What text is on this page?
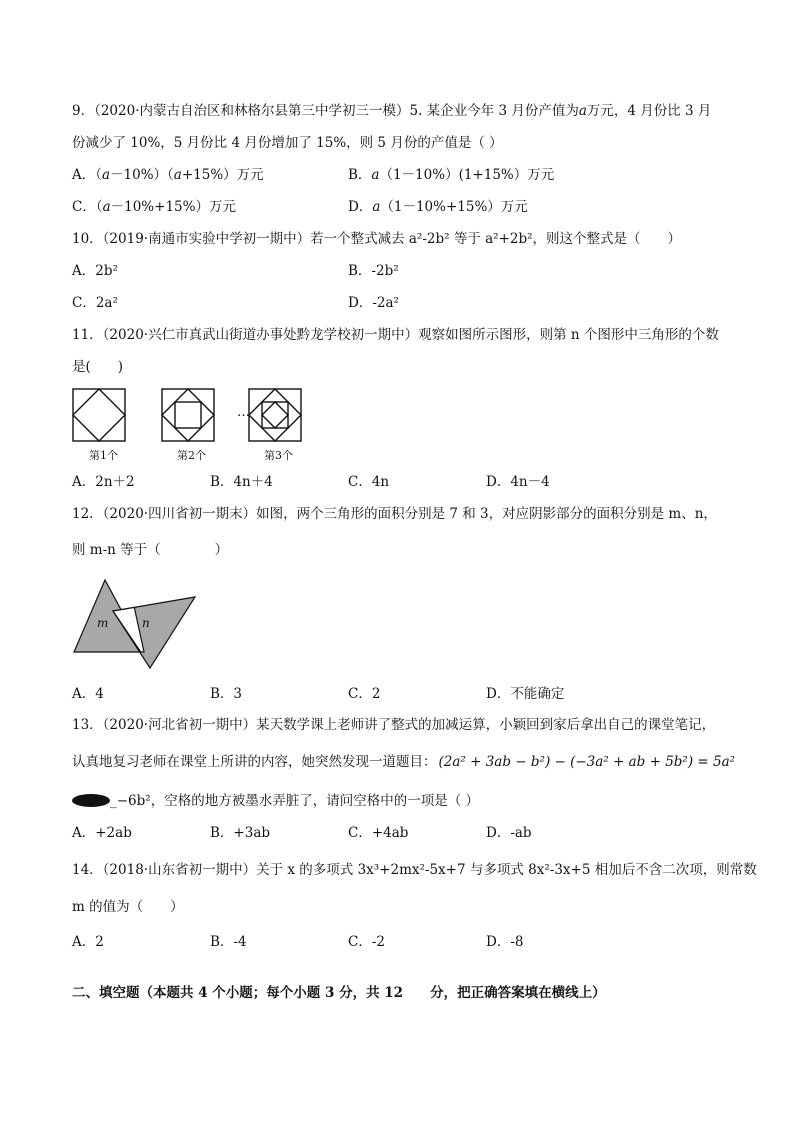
9．（2020·内蒙古自治区和林格尔县第三中学初三一模）5. 某企业今年 3 月份产值为𝑎万元，4 月份比 3 月
份减少了 10%，5 月份比 4 月份增加了 15%，则 5 月份的产值是（ ）
A．（𝑎－10%）（𝑎+15%）万元	B．𝑎（1－10%）(1+15%）万元
C．（𝑎－10%+15%）万元	D．𝑎（1－10%+15%）万元
10．（2019·南通市实验中学初一期中）若一个整式减去 a²-2b² 等于 a²+2b²，则这个整式是（　　）
A．2b²	B．-2b²
C．2a²	D．-2a²
11．（2020·兴仁市真武山街道办事处黔龙学校初一期中）观察如图所示图形，则第 n 个图形中三角形的个数
是(　　)
…
第1个	第2个	第3个
A．2n＋2	B．4n＋4	C．4n	D．4n－4
12．（2020·四川省初一期末）如图，两个三角形的面积分别是 7 和 3，对应阴影部分的面积分别是 m、n，
则 m-n 等于（　　　　）
m	n
A．4	B．3	C．2	D．不能确定
13．（2020·河北省初一期中）某天数学课上老师讲了整式的加减运算，小颖回到家后拿出自己的课堂笔记，
认真地复习老师在课堂上所讲的内容，她突然发现一道题目： (2a² + 3ab − b²) − (−3a² + ab + 5b²) = 5a²
_−6b²，空格的地方被墨水弄脏了，请问空格中的一项是（ ）
A．+2ab	B．+3ab	C．+4ab	D．-ab
14．（2018·山东省初一期中）关于 x 的多项式 3x³+2mx²-5x+7 与多项式 8x²-3x+5 相加后不含二次项，则常数
m 的值为（　　）
A．2	B．-4	C．-2	D．-8
二、填空题（本题共 4 个小题；每个小题 3 分，共 12　　分，把正确答案填在横线上）
